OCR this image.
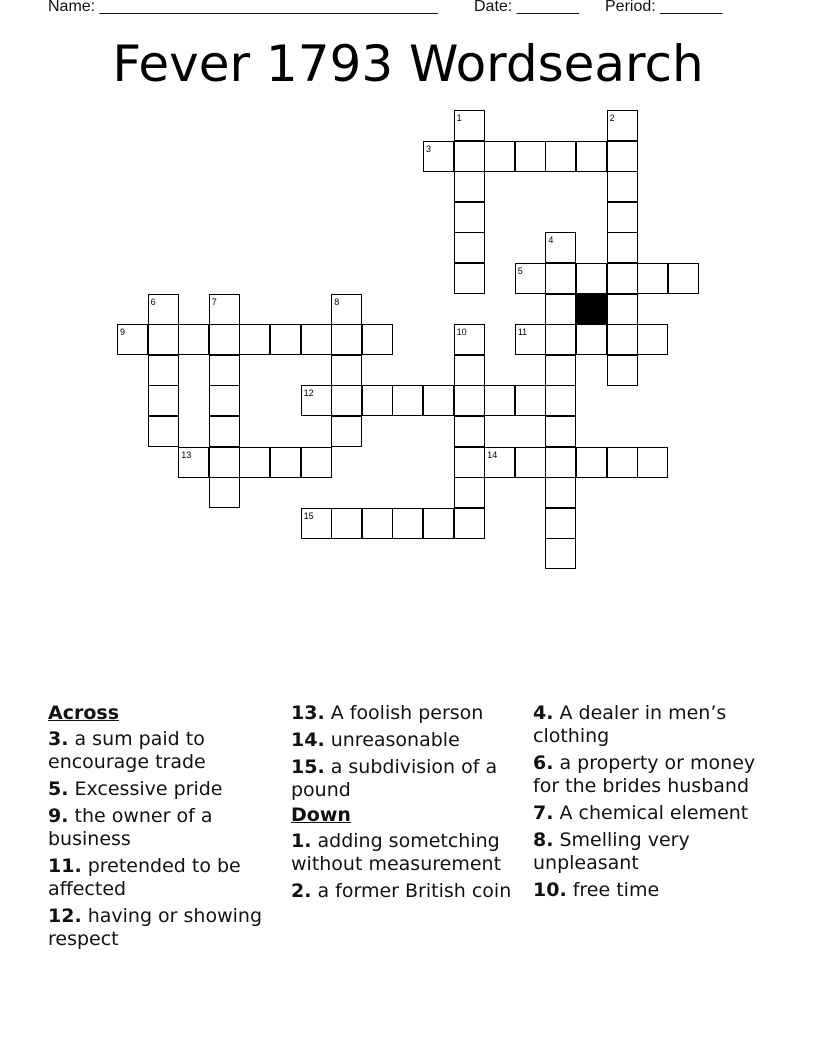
Name: ______________________________________ Date: _______ Period: _______
Fever 1793 Wordsearch
1	2
3
4
5
6	7	8
9	10	11
12
13	14
15
Across
3. a sum paid to encourage trade
5. Excessive pride
9. the owner of a business
11. pretended to be affected
12. having or showing respect
13. A foolish person
14. unreasonable
15. a subdivision of a pound
Down
1. adding sometching without measurement
2. a former British coin
4. A dealer in men’s clothing
6. a property or money for the brides husband
7. A chemical element
8. Smelling very unpleasant
10. free time
